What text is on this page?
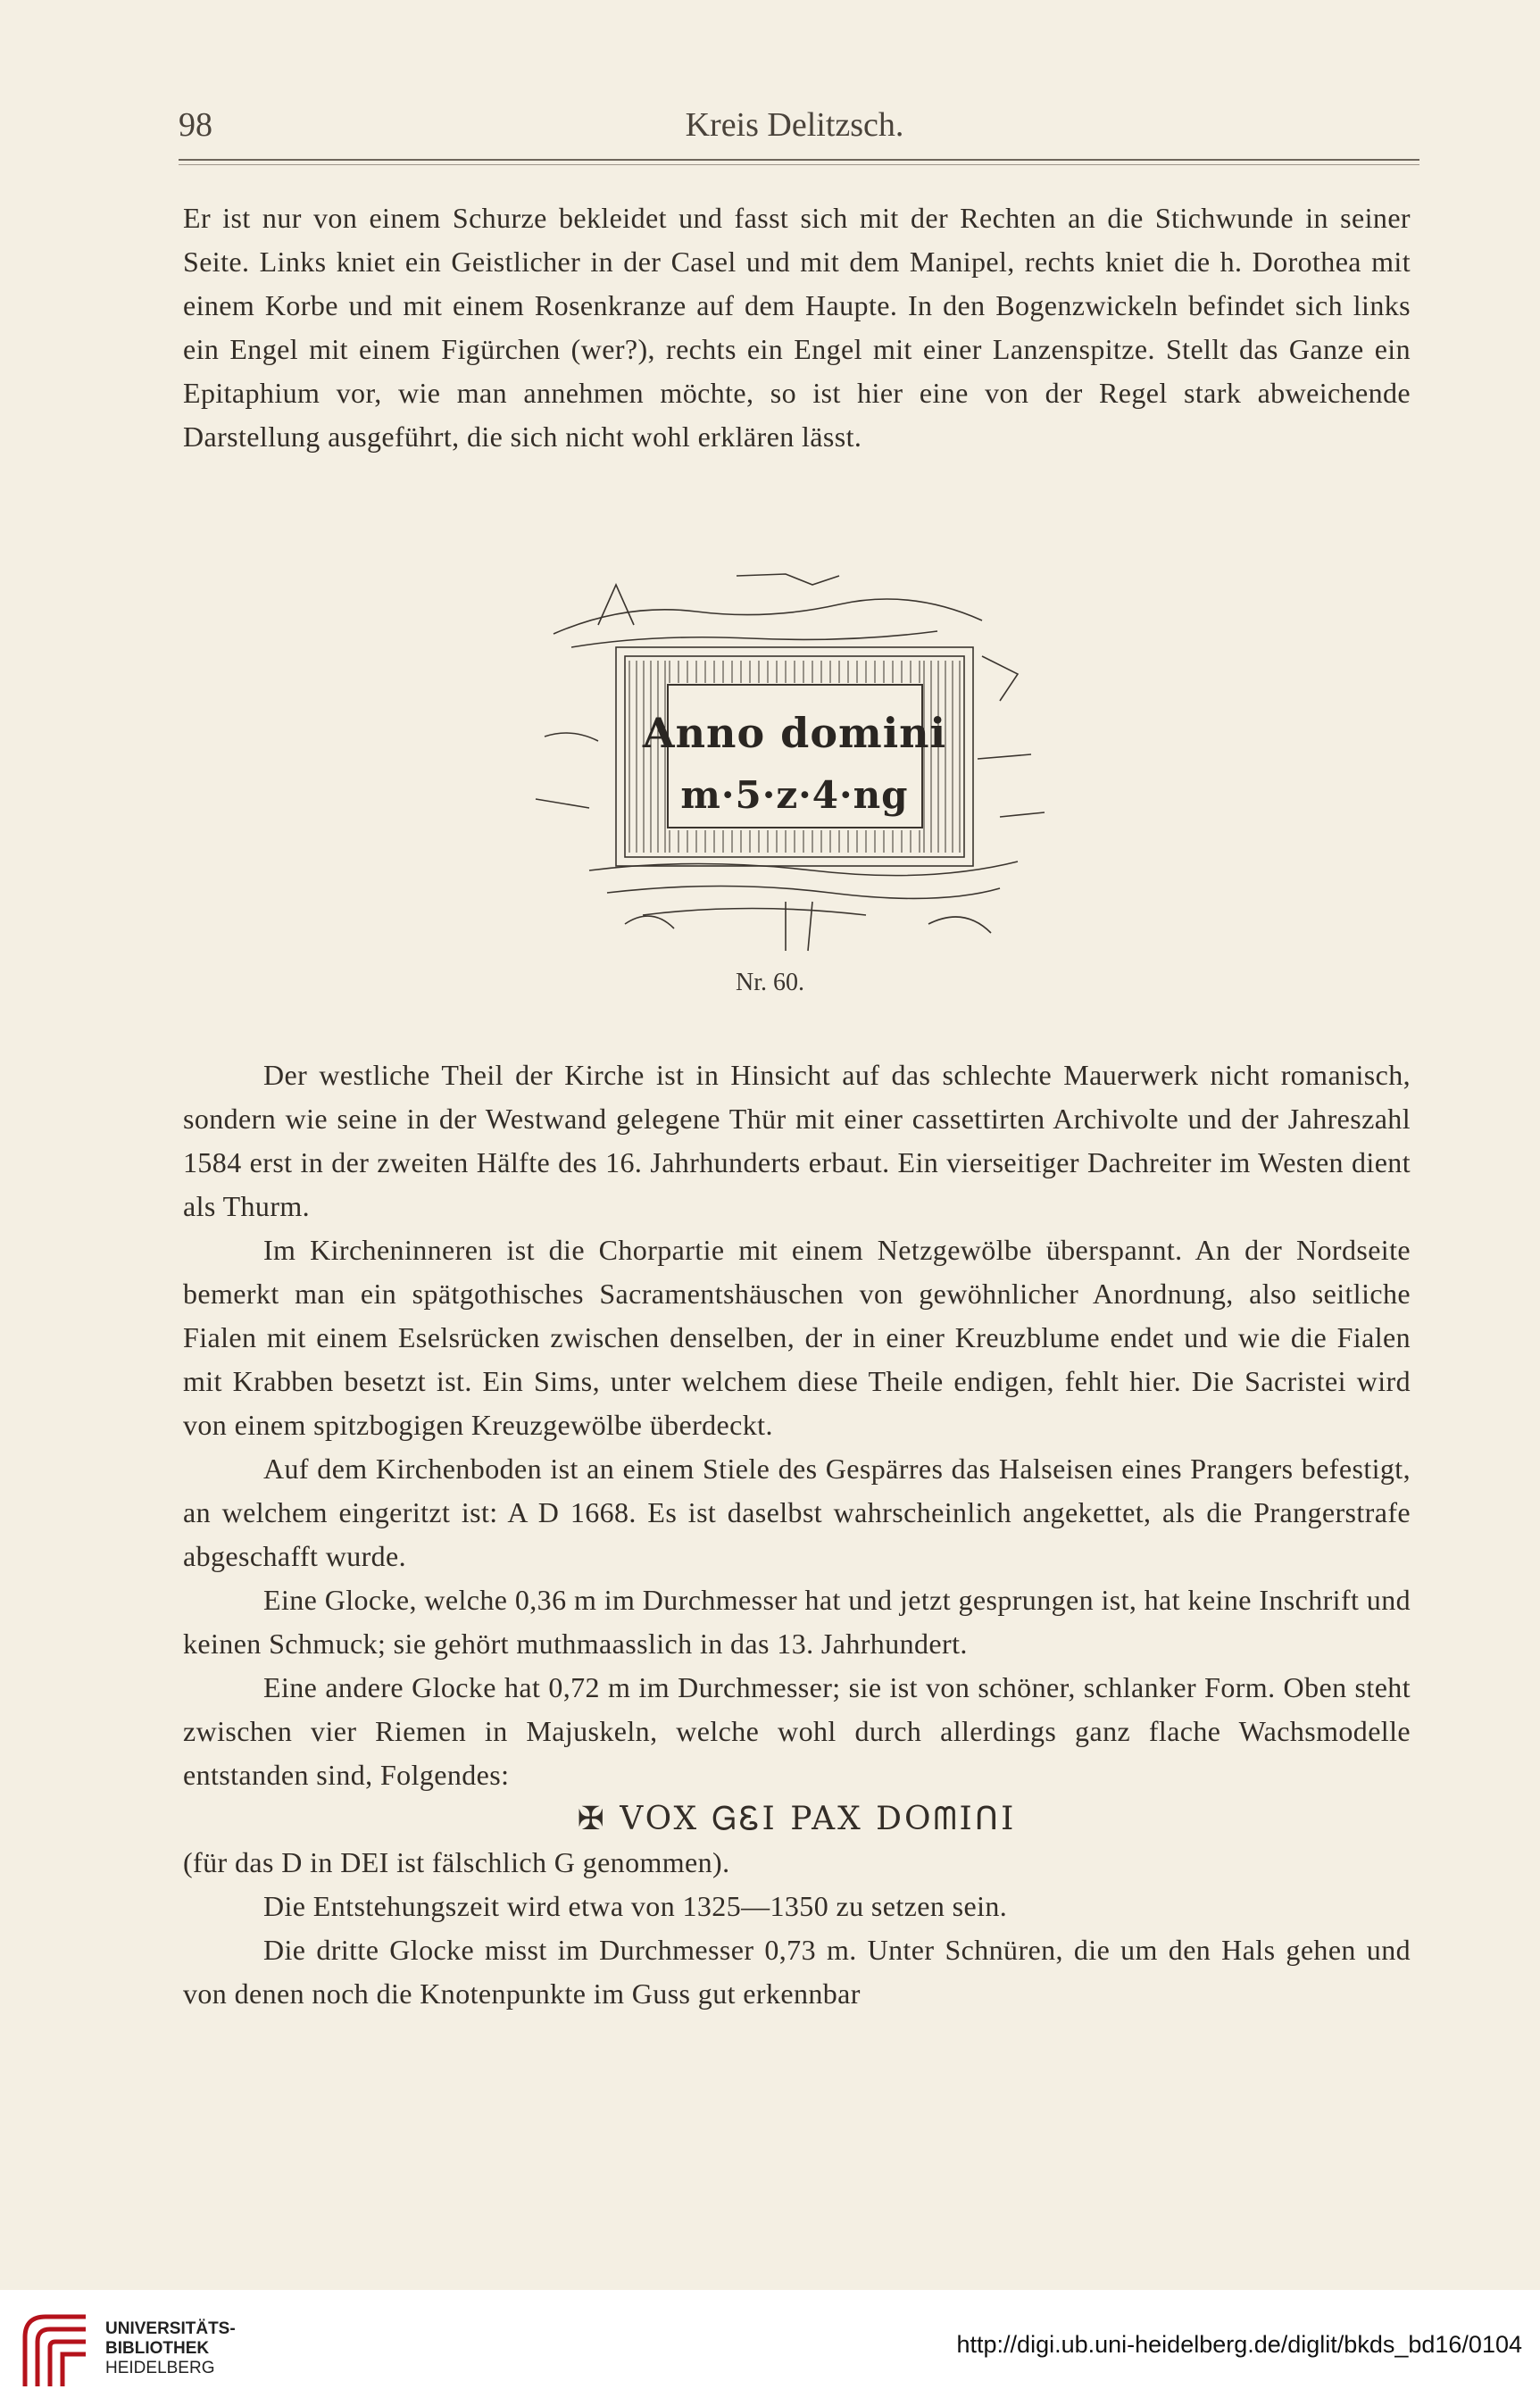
98	Kreis Delitzsch.

Er ist nur von einem Schurze bekleidet und fasst sich mit der Rechten an die Stichwunde in seiner Seite. Links kniet ein Geistlicher in der Casel und mit dem Manipel, rechts kniet die h. Dorothea mit einem Korbe und mit einem Rosenkranze auf dem Haupte. In den Bogenzwickeln befindet sich links ein Engel mit einem Figürchen (wer?), rechts ein Engel mit einer Lanzenspitze. Stellt das Ganze ein Epitaphium vor, wie man annehmen möchte, so ist hier eine von der Regel stark abweichende Darstellung ausgeführt, die sich nicht wohl erklären lässt.

Anno domini
m·5·z·4·ng
Nr. 60.

Der westliche Theil der Kirche ist in Hinsicht auf das schlechte Mauerwerk nicht romanisch, sondern wie seine in der Westwand gelegene Thür mit einer cassettirten Archivolte und der Jahreszahl 1584 erst in der zweiten Hälfte des 16. Jahrhunderts erbaut. Ein vierseitiger Dachreiter im Westen dient als Thurm.

Im Kircheninneren ist die Chorpartie mit einem Netzgewölbe überspannt. An der Nordseite bemerkt man ein spätgothisches Sacramentshäuschen von gewöhnlicher Anordnung, also seitliche Fialen mit einem Eselsrücken zwischen denselben, der in einer Kreuzblume endet und wie die Fialen mit Krabben besetzt ist. Ein Sims, unter welchem diese Theile endigen, fehlt hier. Die Sacristei wird von einem spitzbogigen Kreuzgewölbe überdeckt.

Auf dem Kirchenboden ist an einem Stiele des Gespärres das Halseisen eines Prangers befestigt, an welchem eingeritzt ist: A D 1668. Es ist daselbst wahrscheinlich angekettet, als die Prangerstrafe abgeschafft wurde.

Eine Glocke, welche 0,36 m im Durchmesser hat und jetzt gesprungen ist, hat keine Inschrift und keinen Schmuck; sie gehört muthmaasslich in das 13. Jahrhundert.

Eine andere Glocke hat 0,72 m im Durchmesser; sie ist von schöner, schlanker Form. Oben steht zwischen vier Riemen in Majuskeln, welche wohl durch allerdings ganz flache Wachsmodelle entstanden sind, Folgendes:

✠ VOX ᏀᏋI PAX DOᗰIᑎI

(für das D in DEI ist fälschlich G genommen).

Die Entstehungszeit wird etwa von 1325—1350 zu setzen sein.

Die dritte Glocke misst im Durchmesser 0,73 m. Unter Schnüren, die um den Hals gehen und von denen noch die Knotenpunkte im Guss gut erkennbar

UNIVERSITÄTS-
BIBLIOTHEK
HEIDELBERG
http://digi.ub.uni-heidelberg.de/diglit/bkds_bd16/0104
